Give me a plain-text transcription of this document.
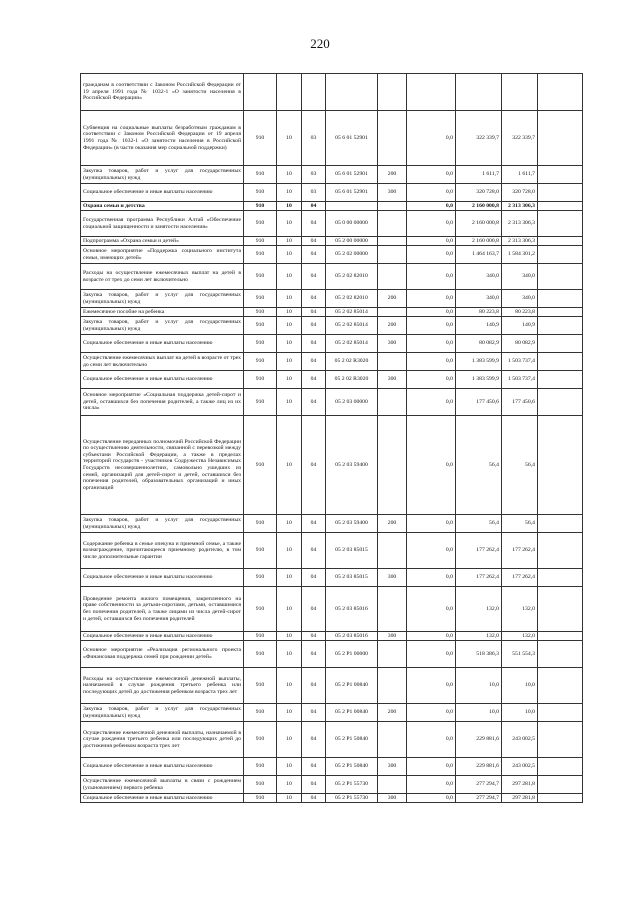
220
гражданам в соответствии с Законом Российской Федерации от 19 апреля 1991 года № 1032-1 «О занятости населения в Российской Федерации»									
Субвенция на социальные выплаты безработным гражданам в соответствии с Законом Российской Федерации от 19 апреля 1991 года № 1032-1 «О занятости населения в Российской Федерации» (в части оказания мер социальной поддержки)	910	10	03	05 6 01 52901		0,0	322 339,7	322 339,7	
Закупка товаров, работ и услуг для государственных (муниципальных) нужд	910	10	03	05 6 01 52901	200	0,0	1 611,7	1 611,7	
Социальное обеспечение и иные выплаты населению	910	10	03	05 6 01 52901	300	0,0	320 728,0	320 728,0	
Охрана семьи и детства	910	10	04			0,0	2 160 000,8	2 313 306,3	
Государственная программа Республики Алтай «Обеспечение социальной защищенности и занятости населения»	910	10	04	05 0 00 00000		0,0	2 160 000,8	2 313 306,3	
Подпрограмма «Охрана семьи и детей»	910	10	04	05 2 00 00000		0,0	2 160 000,8	2 313 306,3	
Основное мероприятие «Поддержка социального института семьи, имеющих детей»	910	10	04	05 2 02 00000		0,0	1 464 163,7	1 584 301,2	
Расходы на осуществление ежемесячных выплат на детей в возрасте от трех до семи лет включительно	910	10	04	05 2 02 82010		0,0	340,0	340,0	
Закупка товаров, работ и услуг для государственных (муниципальных) нужд	910	10	04	05 2 02 82010	200	0,0	340,0	340,0	
Ежемесячное пособие на ребенка	910	10	04	05 2 02 85014		0,0	80 223,8	80 223,8	
Закупка товаров, работ и услуг для государственных (муниципальных) нужд	910	10	04	05 2 02 85014	200	0,0	140,9	140,9	
Социальное обеспечение и иные выплаты населению	910	10	04	05 2 02 85014	300	0,0	80 082,9	80 082,9	
Осуществление ежемесячных выплат на детей в возрасте от трех до семи лет включительно	910	10	04	05 2 02 R3020		0,0	1 383 599,9	1 503 737,4	
Социальное обеспечение и иные выплаты населению	910	10	04	05 2 02 R3020	300	0,0	1 383 599,9	1 503 737,4	
Основное мероприятие «Социальная поддержка детей-сирот и детей, оставшихся без попечения родителей, а также лиц из их числа»	910	10	04	05 2 03 00000		0,0	177 450,6	177 450,6	
Осуществление переданных полномочий Российской Федерации по осуществлению деятельности, связанной с перевозкой между субъектами Российской Федерации, а также в пределах территорий государств - участников Содружества Независимых Государств несовершеннолетних, самовольно ушедших из семей, организаций для детей-сирот и детей, оставшихся без попечения родителей, образовательных организаций и иных организаций	910	10	04	05 2 03 59400		0,0	56,4	56,4	
Закупка товаров, работ и услуг для государственных (муниципальных) нужд	910	10	04	05 2 03 59400	200	0,0	56,4	56,4	
Содержание ребенка в семье опекуна и приемной семье, а также вознаграждение, причитающееся приемному родителю, в том числе дополнительные гарантии	910	10	04	05 2 03 85015		0,0	177 262,4	177 262,4	
Социальное обеспечение и иные выплаты населению	910	10	04	05 2 03 85015	300	0,0	177 262,4	177 262,4	
Проведение ремонта жилого помещения, закрепленного на праве собственности за детьми-сиротами, детьми, оставшимися без попечения родителей, а также лицами из числа детей-сирот и детей, оставшихся без попечения родителей	910	10	04	05 2 03 85016		0,0	132,0	132,0	
Социальное обеспечение и иные выплаты населению	910	10	04	05 2 03 85016	300	0,0	132,0	132,0	
Основное мероприятие «Реализация регионального проекта «Финансовая поддержка семей при рождении детей»	910	10	04	05 2 P1 00000		0,0	518 386,3	551 554,3	
Расходы на осуществление ежемесячной денежной выплаты, назначаемой в случае рождения третьего ребенка или последующих детей до достижения ребенком возраста трех лет	910	10	04	05 2 P1 00840		0,0	10,0	10,0	
Закупка товаров, работ и услуг для государственных (муниципальных) нужд	910	10	04	05 2 P1 00840	200	0,0	10,0	10,0	
Осуществление ежемесячной денежной выплаты, назначаемой в случае рождения третьего ребенка или последующих детей до достижения ребенком возраста трех лет	910	10	04	05 2 P1 50840		0,0	229 881,6	243 002,5	
Социальное обеспечение и иные выплаты населению	910	10	04	05 2 P1 50840	300	0,0	229 881,6	243 002,5	
Осуществление ежемесячной выплаты в связи с рождением (усыновлением) первого ребенка	910	10	04	05 2 P1 55730		0,0	277 294,7	297 281,8	
Социальное обеспечение и иные выплаты населению	910	10	04	05 2 P1 55730	300	0,0	277 294,7	297 281,8	
